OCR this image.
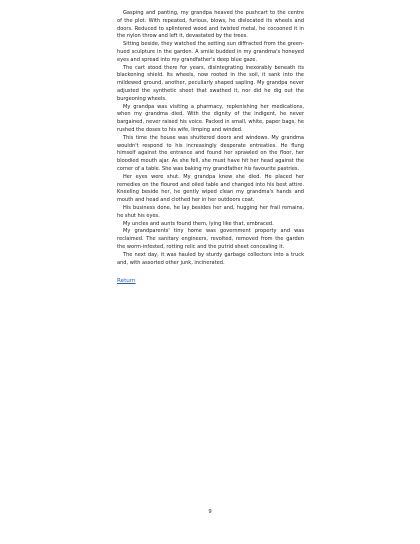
Gasping and panting, my grandpa heaved the pushcart to the centre of the plot. With repeated, furious, blows, he dislocated its wheels and doors. Reduced to splintered wood and twisted metal, he cocooned it in the nylon throw and left it, devastated by the trees.

Sitting beside, they watched the setting sun diffracted from the green-hued sculpture in the garden. A smile budded in my grandma's honeyed eyes and spread into my grandfather's deep blue gaze.

The cart stood there for years, disintegrating inexorably beneath its blackening shield. Its wheels, now rooted in the soil, it sank into the mildewed ground, another, peculiarly shaped sapling. My grandpa never adjusted the synthetic sheet that swathed it, nor did he dig out the burgeoning wheels.

My grandpa was visiting a pharmacy, replenishing her medications, when my grandma died. With the dignity of the indigent, he never bargained, never raised his voice. Packed in small, white, paper bags, he rushed the doses to his wife, limping and winded.

This time the house was shuttered doors and windows. My grandma wouldn't respond to his increasingly desperate entreaties. He flung himself against the entrance and found her sprawled on the floor, her bloodied mouth ajar. As she fell, she must have hit her head against the corner of a table. She was baking my grandfather his favourite pastries.

Her eyes were shut. My grandpa knew she died. He placed her remedies on the floured and oiled table and changed into his best attire. Kneeling beside her, he gently wiped clean my grandma's hands and mouth and head and clothed her in her outdoors coat.

His business done, he lay besides her and, hugging her frail remains, he shut his eyes.

My uncles and aunts found them, lying like that, embraced.

My grandparents' tiny home was government property and was reclaimed. The sanitary engineers, revolted, removed from the garden the worm-infested, rotting relic and the putrid sheet concealing it.

The next day, it was hauled by sturdy garbage collectors into a truck and, with assorted other junk, incinerated.

Return
9
